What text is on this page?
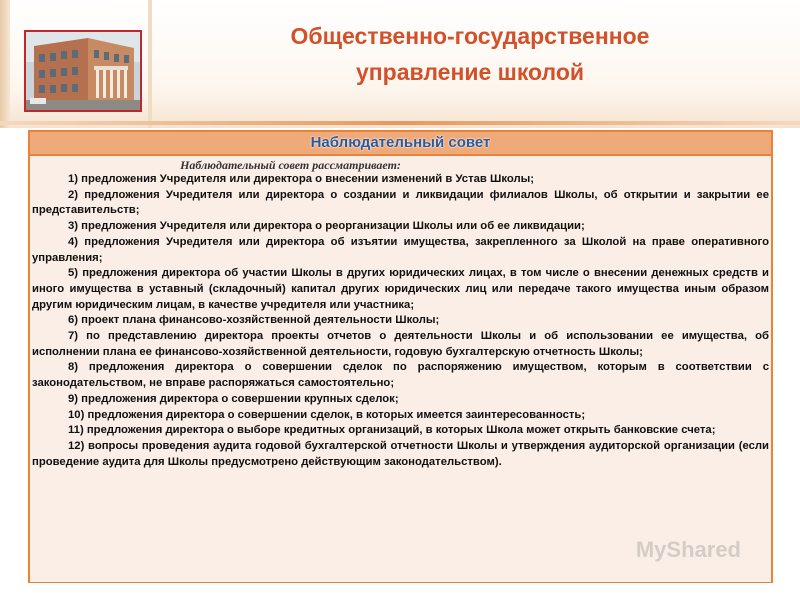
Общественно-государственное
управление школой
Наблюдательный совет
Наблюдательный совет рассматривает:

1) предложения Учредителя или директора о внесении изменений в Устав Школы;

2) предложения Учредителя или директора о создании и ликвидации филиалов Школы, об открытии и закрытии ее представительств;

3) предложения Учредителя или директора о реорганизации Школы или об ее ликвидации;

4) предложения Учредителя или директора об изъятии имущества, закрепленного за Школой на праве оперативного управления;

5) предложения директора об участии Школы в других юридических лицах, в том числе о внесении денежных средств и иного имущества в уставный (складочный) капитал других юридических лиц или передаче такого имущества иным образом другим юридическим лицам, в качестве учредителя или участника;

6) проект плана финансово-хозяйственной деятельности Школы;

7) по представлению директора проекты отчетов о деятельности Школы и об использовании ее имущества, об исполнении плана ее финансово-хозяйственной деятельности, годовую бухгалтерскую отчетность Школы;

8) предложения директора о совершении сделок по распоряжению имуществом, которым в соответствии с законодательством, не вправе распоряжаться самостоятельно;

9) предложения директора о совершении крупных сделок;

10) предложения директора о совершении сделок, в которых имеется заинтересованность;

11) предложения директора о выборе кредитных организаций, в которых Школа может открыть банковские счета;

12) вопросы проведения аудита годовой бухгалтерской отчетности Школы и утверждения аудиторской организации (если проведение аудита для Школы предусмотрено действующим законодательством).

MyShared
